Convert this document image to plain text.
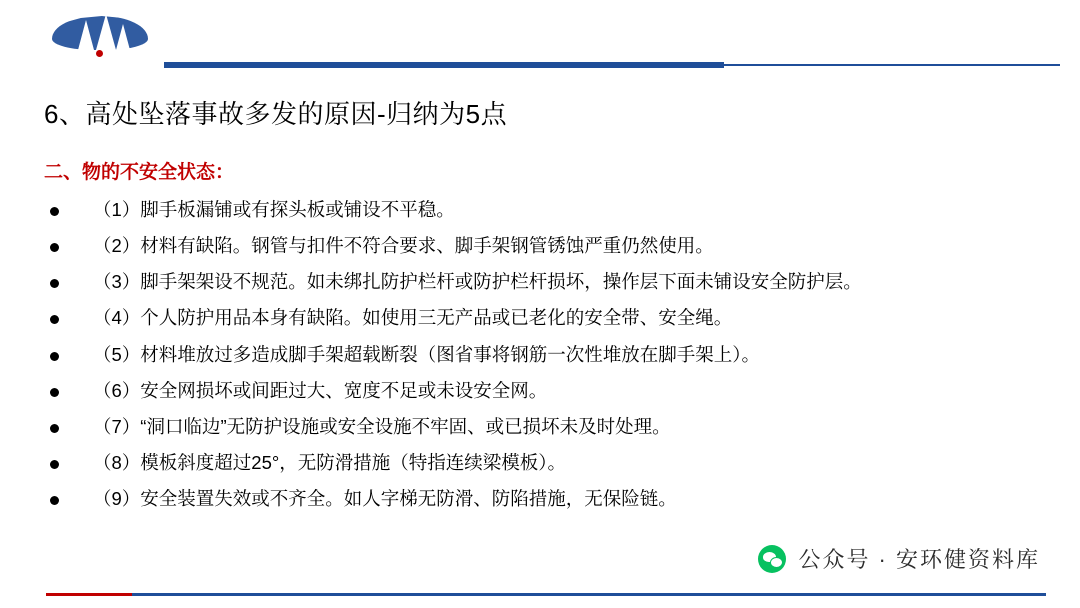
6、高处坠落事故多发的原因-归纳为5点
二、物的不安全状态：
（1）脚手板漏铺或有探头板或铺设不平稳。
（2）材料有缺陷。钢管与扣件不符合要求、脚手架钢管锈蚀严重仍然使用。
（3）脚手架架设不规范。如未绑扎防护栏杆或防护栏杆损坏，操作层下面未铺设安全防护层。
（4）个人防护用品本身有缺陷。如使用三无产品或已老化的安全带、安全绳。
（5）材料堆放过多造成脚手架超载断裂（图省事将钢筋一次性堆放在脚手架上）。
（6）安全网损坏或间距过大、宽度不足或未设安全网。
（7）“洞口临边”无防护设施或安全设施不牢固、或已损坏未及时处理。
（8）模板斜度超过25°，无防滑措施（特指连续梁模板）。
（9）安全装置失效或不齐全。如人字梯无防滑、防陷措施，无保险链。
公众号 · 安环健资料库
